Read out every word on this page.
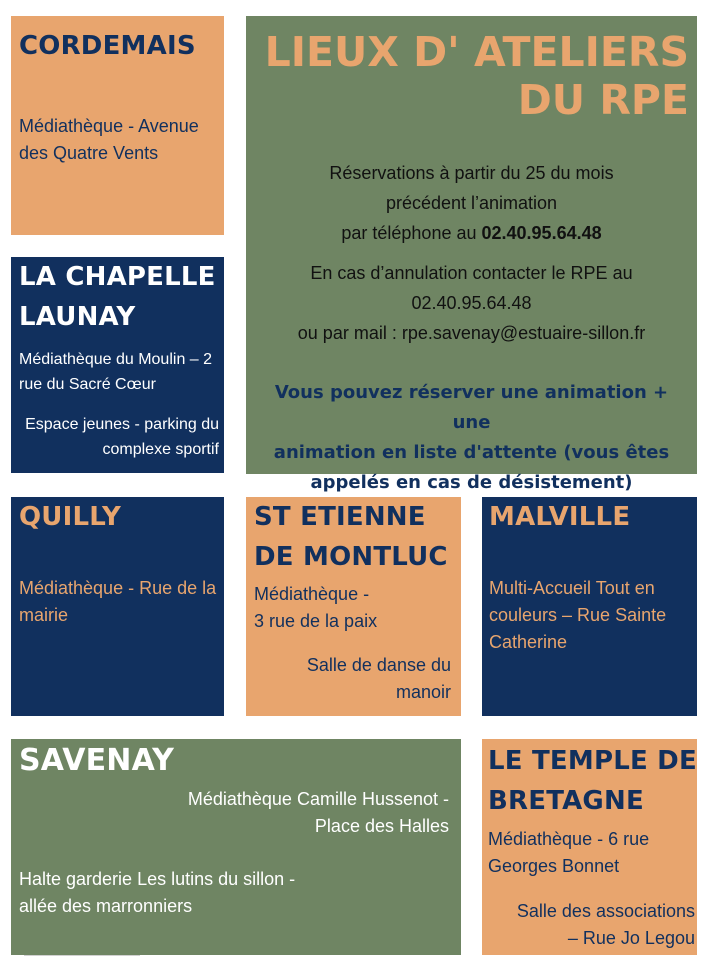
CORDEMAIS
Médiathèque - Avenue des Quatre Vents
LA CHAPELLE
LAUNAY
Médiathèque du Moulin – 2 rue du Sacré Cœur
Espace jeunes - parking du complexe sportif
LIEUX D' ATELIERS
DU RPE
Réservations à partir du 25 du mois
précédent l’animation
par téléphone au 02.40.95.64.48
En cas d’annulation contacter le RPE au
02.40.95.64.48
ou par mail : rpe.savenay@estuaire-sillon.fr
Vous pouvez réserver une animation + une
animation en liste d'attente (vous êtes
appelés en cas de désistement)
QUILLY
Médiathèque - Rue de la mairie
ST ETIENNE
DE MONTLUC
Médiathèque -
3 rue de la paix
Salle de danse du manoir
MALVILLE
Multi-Accueil Tout en couleurs – Rue Sainte Catherine
SAVENAY
Médiathèque Camille Hussenot -
Place des Halles
Halte garderie Les lutins du sillon -
allée des marronniers
LE TEMPLE DE
BRETAGNE
Médiathèque - 6 rue
Georges Bonnet
Salle des associations
– Rue Jo Legou
